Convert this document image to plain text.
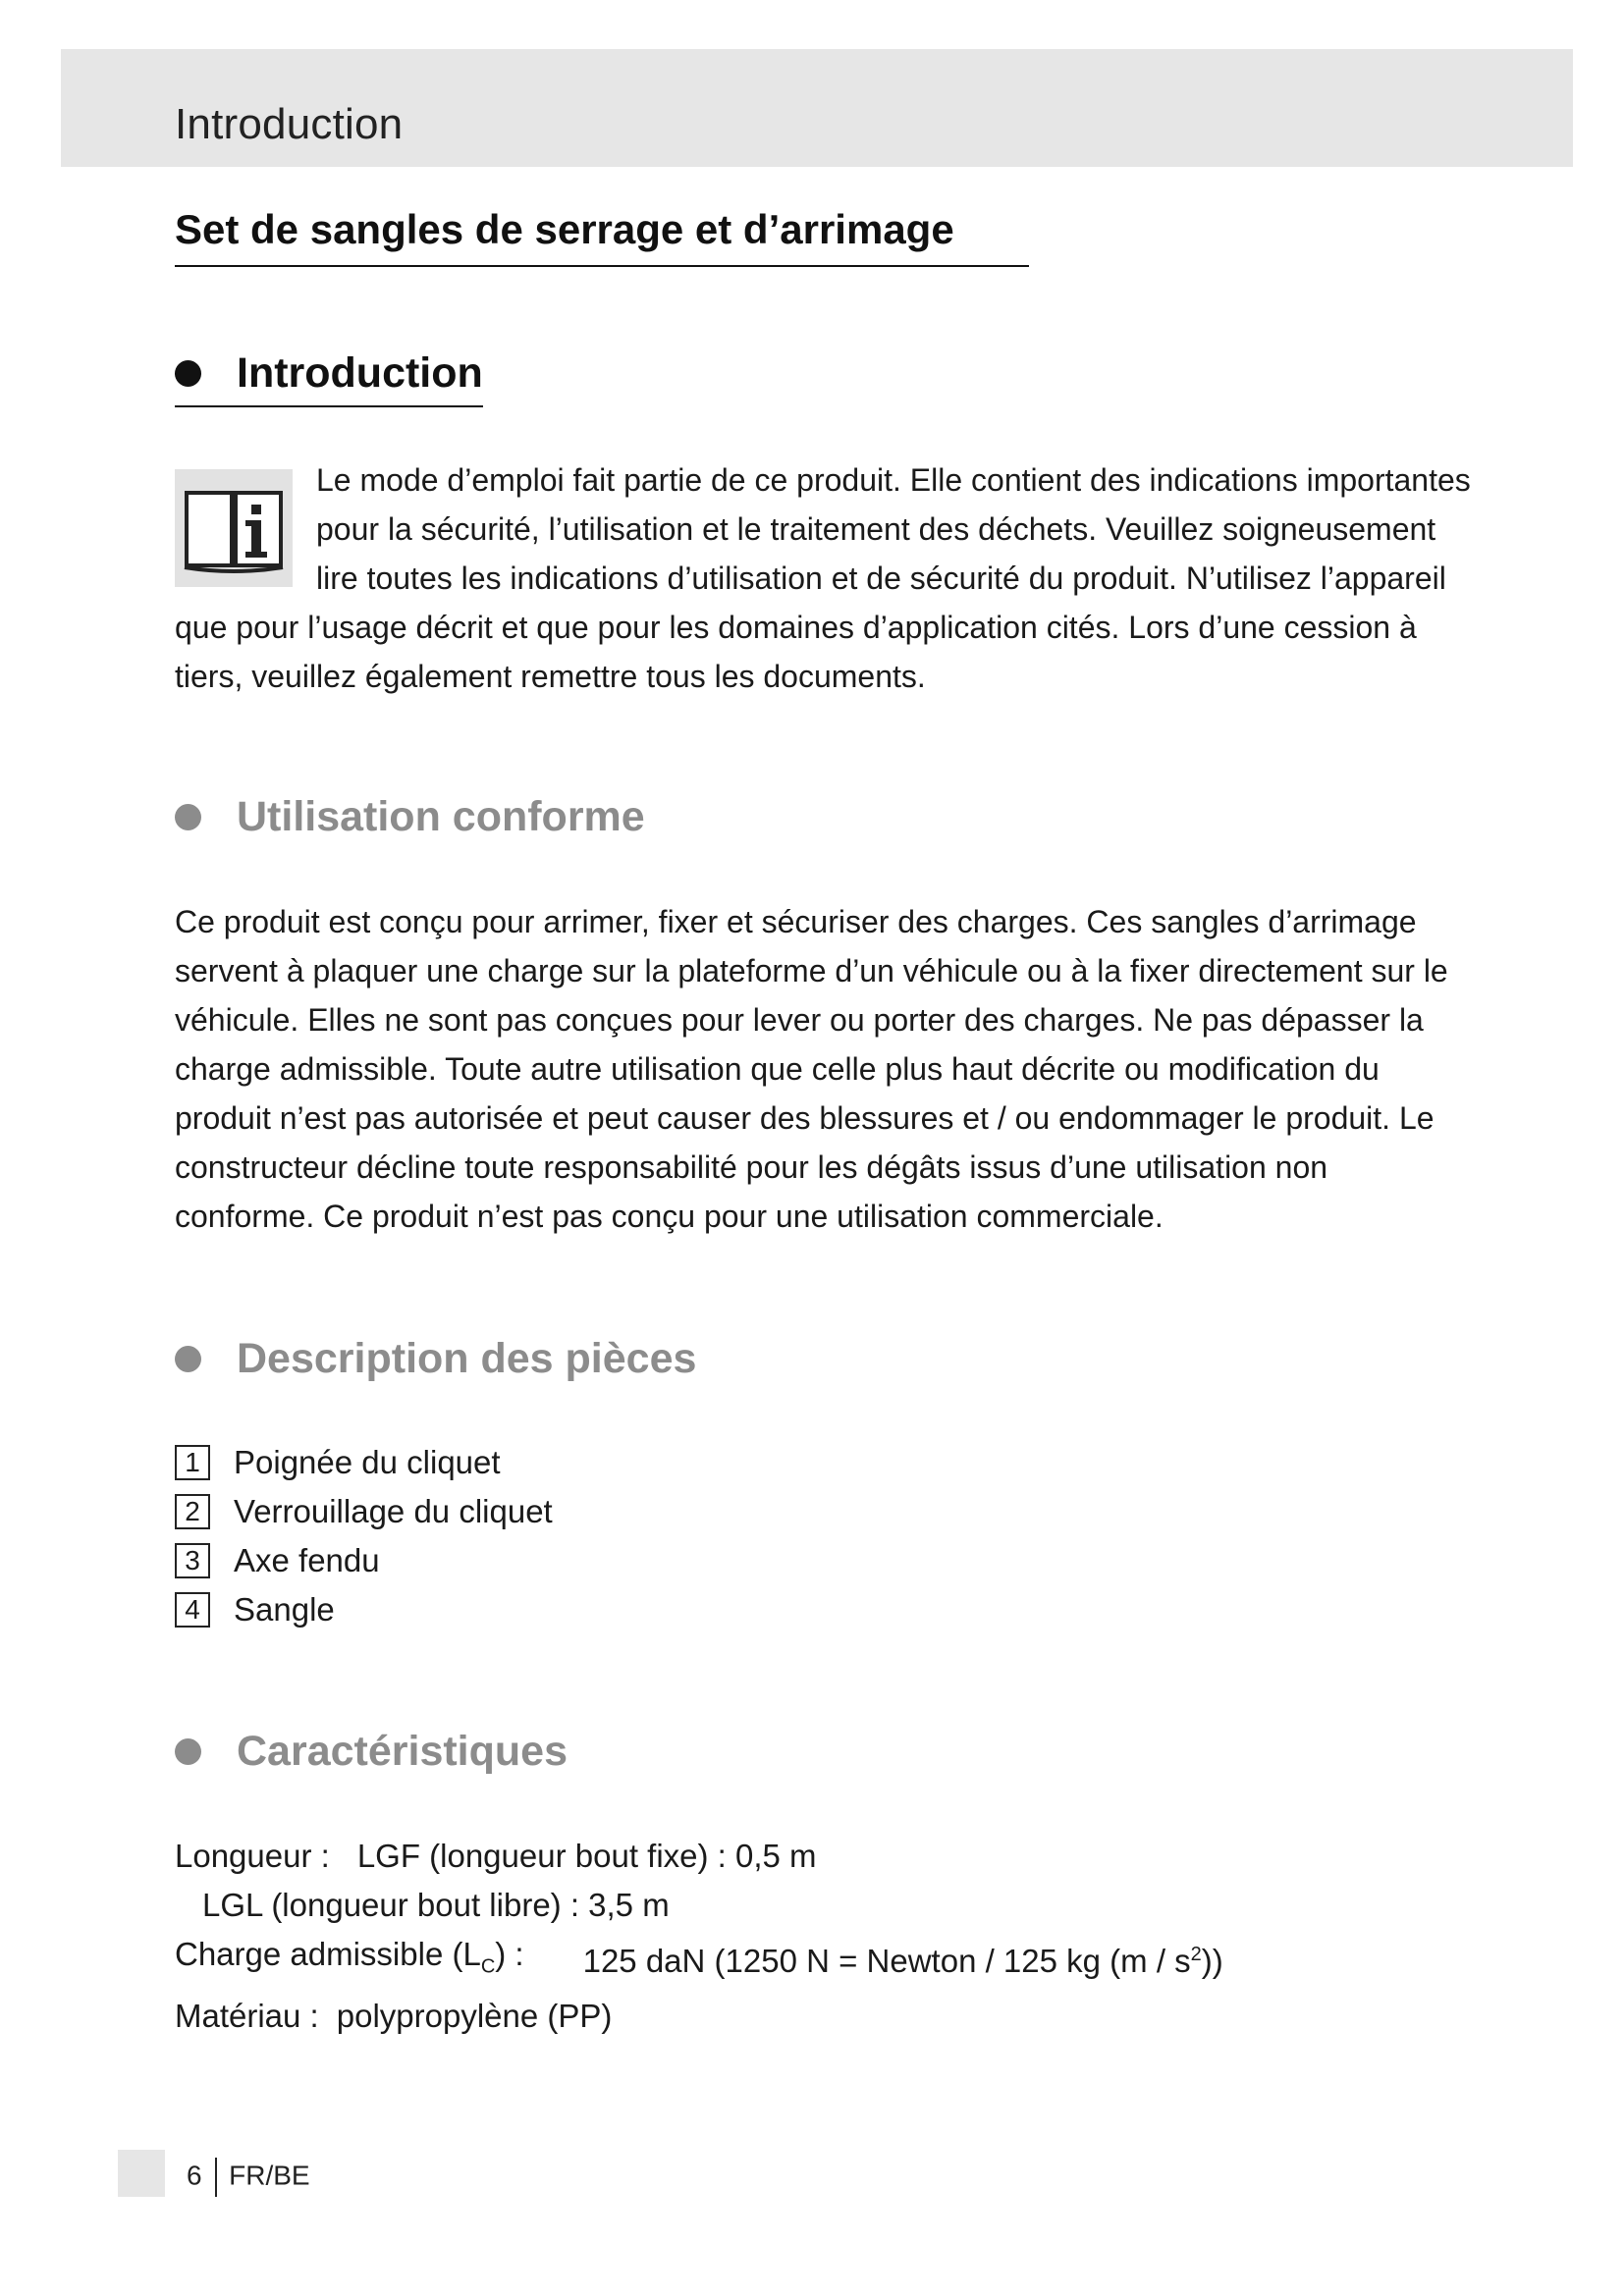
Introduction
Set de sangles de serrage et d’arrimage
Introduction
Le mode d’emploi fait partie de ce produit. Elle contient des indications importantes pour la sécurité, l’utilisation et le traitement des déchets. Veuillez soigneusement lire toutes les indications d’utilisation et de sécurité du produit. N’utilisez l’appareil que pour l’usage décrit et que pour les domaines d’application cités. Lors d’une cession à tiers, veuillez également remettre tous les documents.
Utilisation conforme
Ce produit est conçu pour arrimer, fixer et sécuriser des charges. Ces sangles d’arrimage servent à plaquer une charge sur la plateforme d’un véhicule ou à la fixer directement sur le véhicule. Elles ne sont pas conçues pour lever ou porter des charges. Ne pas dépasser la charge admissible. Toute autre utilisation que celle plus haut décrite ou modification du produit n’est pas autorisée et peut causer des blessures et / ou endommager le produit. Le constructeur décline toute responsabilité pour les dégâts issus d’une utilisation non conforme. Ce produit n’est pas conçu pour une utilisation commerciale.
Description des pièces
1	Poignée du cliquet
2	Verrouillage du cliquet
3	Axe fendu
4	Sangle
Caractéristiques
Longueur : LGF (longueur bout fixe) : 0,5 m
LGL (longueur bout libre) : 3,5 m
Charge admissible $(L_C)$ : 125 daN (1250 N = Newton / 125 kg $(m / s^2)$)
Matériau : polypropylène (PP)
6 FR/BE
